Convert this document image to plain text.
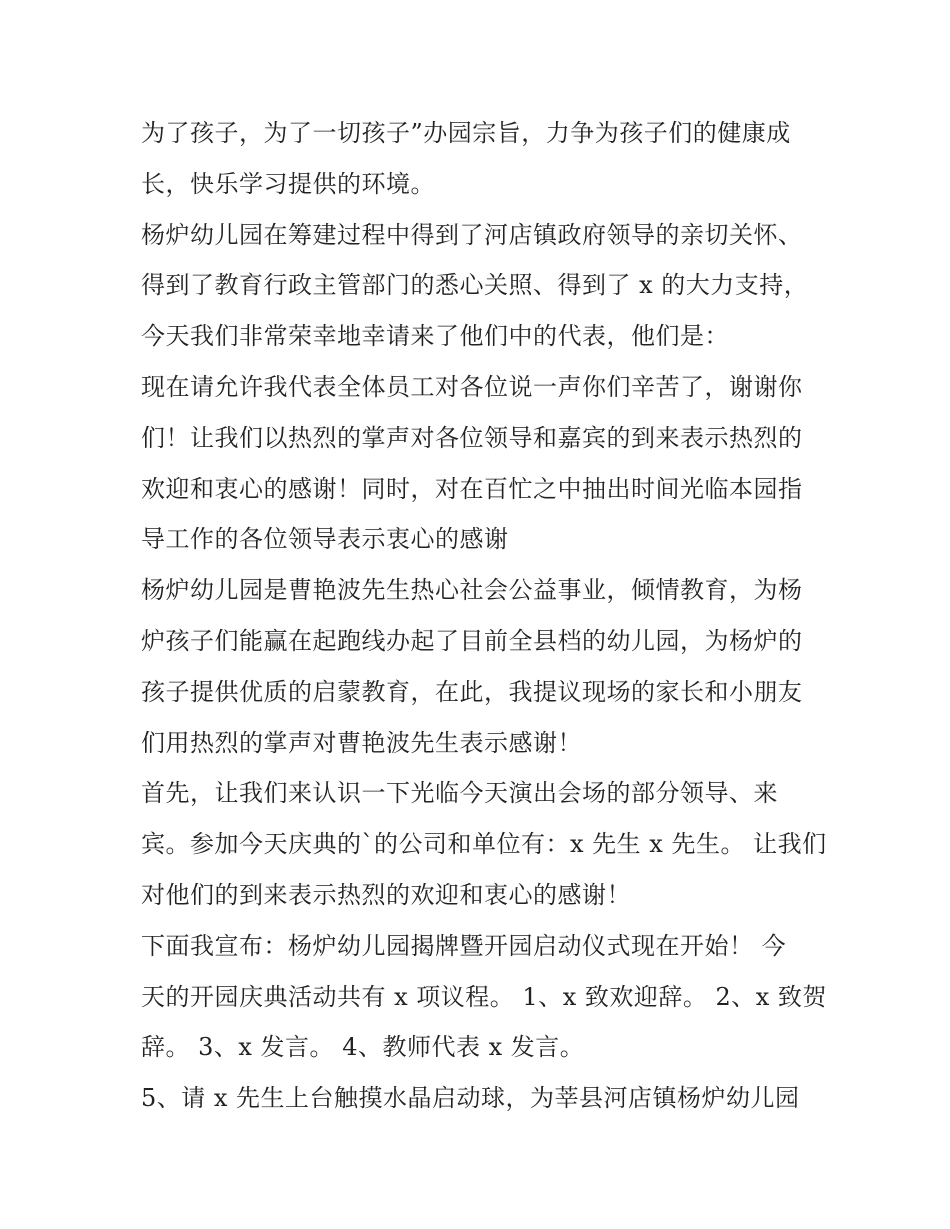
为了孩子，为了一切孩子”办园宗旨，力争为孩子们的健康成
长，快乐学习提供的环境。
杨炉幼儿园在筹建过程中得到了河店镇政府领导的亲切关怀、
得到了教育行政主管部门的悉心关照、得到了 x 的大力支持，
今天我们非常荣幸地幸请来了他们中的代表，他们是：
现在请允许我代表全体员工对各位说一声你们辛苦了，谢谢你
们！让我们以热烈的掌声对各位领导和嘉宾的到来表示热烈的
欢迎和衷心的感谢！同时，对在百忙之中抽出时间光临本园指
导工作的各位领导表示衷心的感谢
杨炉幼儿园是曹艳波先生热心社会公益事业，倾情教育，为杨
炉孩子们能赢在起跑线办起了目前全县档的幼儿园，为杨炉的
孩子提供优质的启蒙教育，在此，我提议现场的家长和小朋友
们用热烈的掌声对曹艳波先生表示感谢！
首先，让我们来认识一下光临今天演出会场的部分领导、来
宾。参加今天庆典的`的公司和单位有：x 先生 x 先生。 让我们
对他们的到来表示热烈的欢迎和衷心的感谢！
下面我宣布：杨炉幼儿园揭牌暨开园启动仪式现在开始！ 今
天的开园庆典活动共有 x 项议程。 1、x 致欢迎辞。 2、x 致贺
辞。 3、x 发言。 4、教师代表 x 发言。
5、请 x 先生上台触摸水晶启动球，为莘县河店镇杨炉幼儿园
